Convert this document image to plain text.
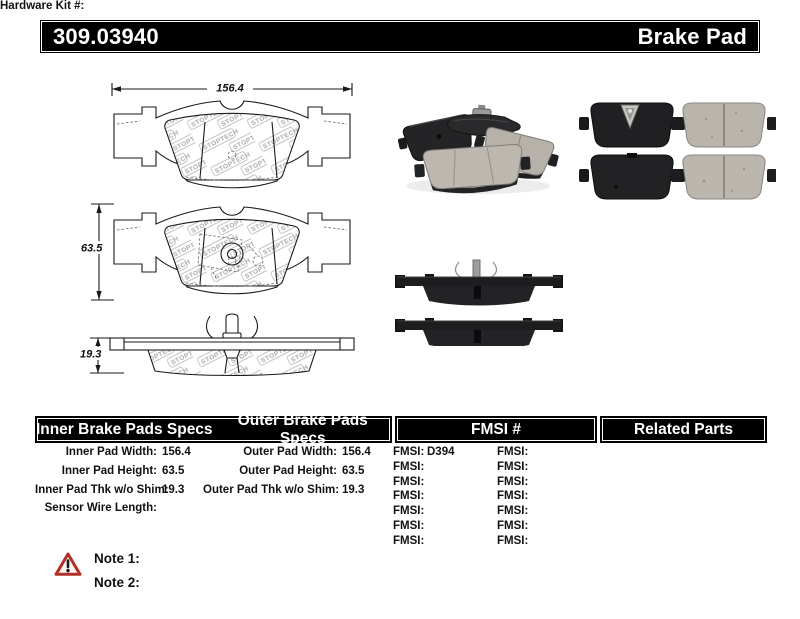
309.03940	Brake Pad
156.4
63.5
19.3
Inner Brake Pads Specs
Outer Brake Pads Specs
FMSI #	Related Parts
Inner Pad Width: 156.4
Inner Pad Height: 63.5
Inner Pad Thk w/o Shim:
19.3
Sensor Wire Length:
Outer Pad Width: 156.4
Outer Pad Height: 63.5
Outer Pad Thk w/o Shim: 19.3
FMSI: D394
FMSI:
FMSI:
FMSI:
FMSI:
FMSI:
FMSI:
FMSI:
FMSI:
FMSI:
FMSI:
FMSI:
FMSI:
FMSI:
Hardware Kit #:
Note 1:
Note 2:
